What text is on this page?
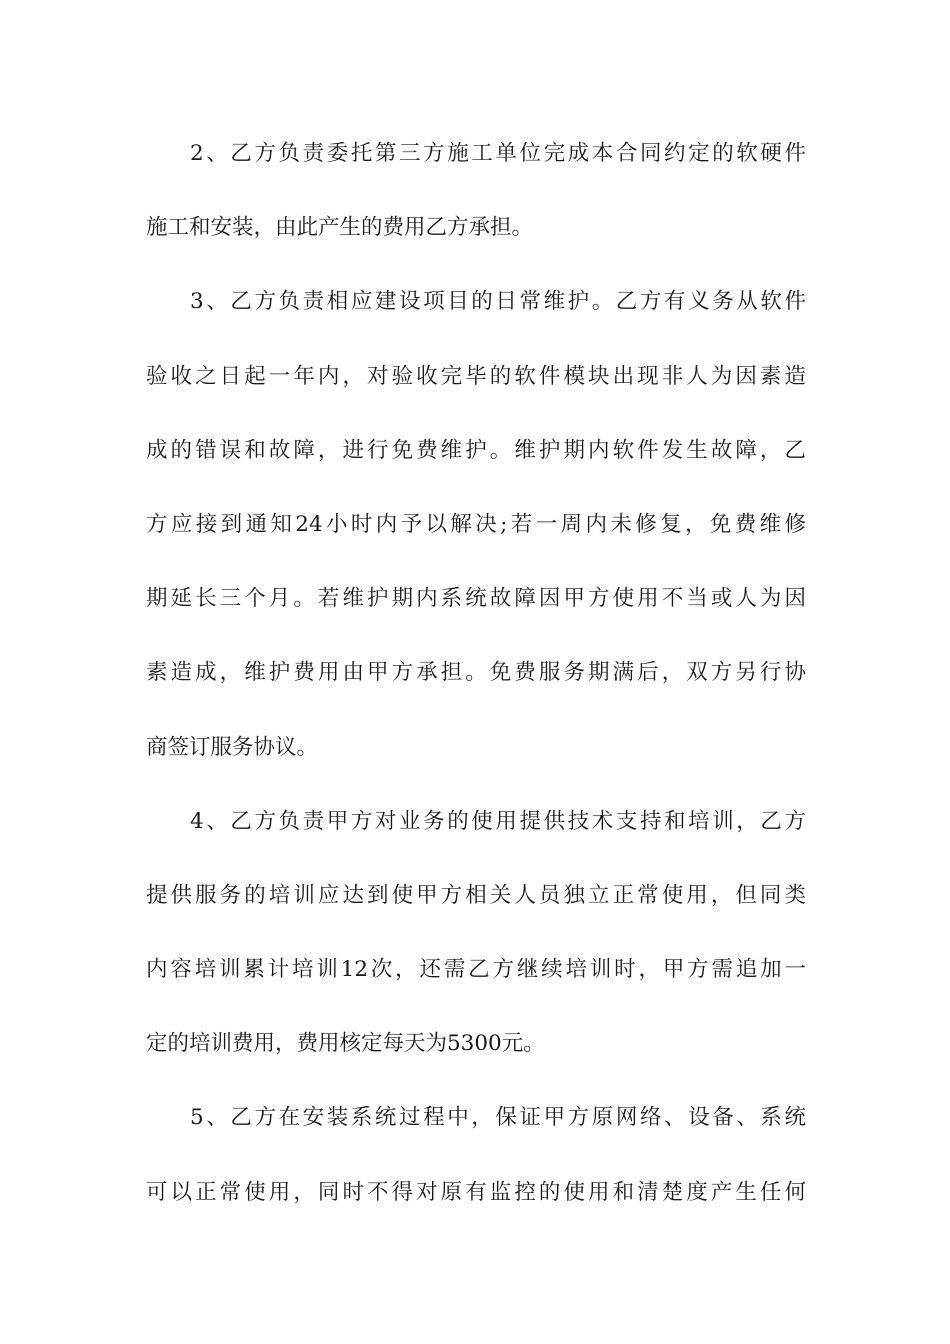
2、乙方负责委托第三方施工单位完成本合同约定的软硬件
施工和安装，由此产生的费用乙方承担。
3、乙方负责相应建设项目的日常维护。乙方有义务从软件
验收之日起一年内，对验收完毕的软件模块出现非人为因素造
成的错误和故障，进行免费维护。维护期内软件发生故障，乙
方应接到通知24小时内予以解决;若一周内未修复，免费维修
期延长三个月。若维护期内系统故障因甲方使用不当或人为因
素造成，维护费用由甲方承担。免费服务期满后，双方另行协
商签订服务协议。
4、乙方负责甲方对业务的使用提供技术支持和培训，乙方
提供服务的培训应达到使甲方相关人员独立正常使用，但同类
内容培训累计培训12次，还需乙方继续培训时，甲方需追加一
定的培训费用，费用核定每天为5300元。
5、乙方在安装系统过程中，保证甲方原网络、设备、系统
可以正常使用，同时不得对原有监控的使用和清楚度产生任何
